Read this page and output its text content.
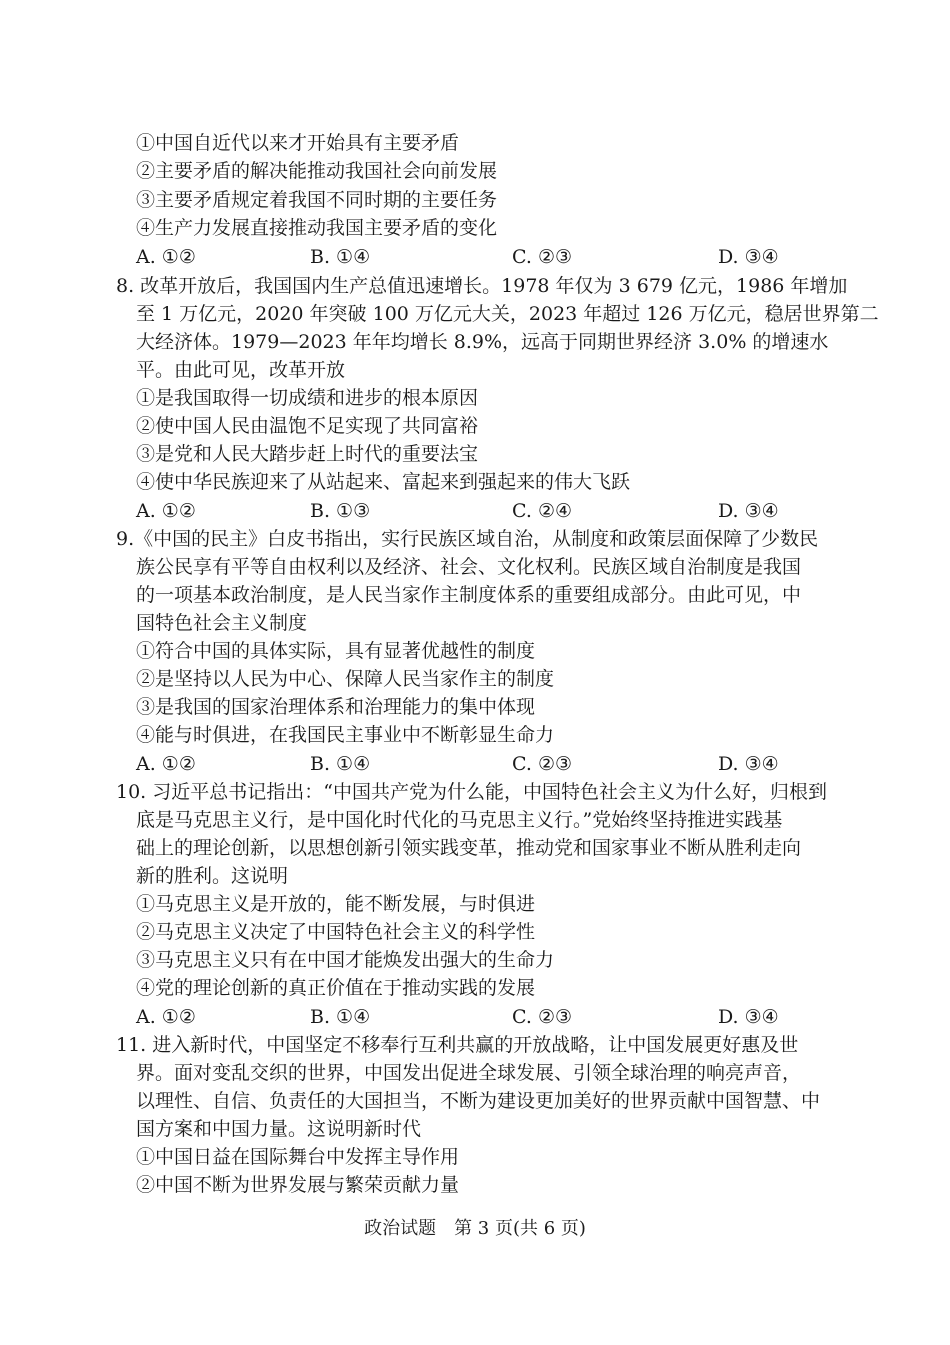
①中国自近代以来才开始具有主要矛盾
②主要矛盾的解决能推动我国社会向前发展
③主要矛盾规定着我国不同时期的主要任务
④生产力发展直接推动我国主要矛盾的变化
A. ①②	B. ①④	C. ②③	D. ③④
8. 改革开放后，我国国内生产总值迅速增长。1978 年仅为 3 679 亿元，1986 年增加
至 1 万亿元，2020 年突破 100 万亿元大关，2023 年超过 126 万亿元，稳居世界第二
大经济体。1979—2023 年年均增长 8.9%，远高于同期世界经济 3.0% 的增速水
平。由此可见，改革开放
①是我国取得一切成绩和进步的根本原因
②使中国人民由温饱不足实现了共同富裕
③是党和人民大踏步赶上时代的重要法宝
④使中华民族迎来了从站起来、富起来到强起来的伟大飞跃
A. ①②	B. ①③	C. ②④	D. ③④
9.《中国的民主》白皮书指出，实行民族区域自治，从制度和政策层面保障了少数民
族公民享有平等自由权利以及经济、社会、文化权利。民族区域自治制度是我国
的一项基本政治制度，是人民当家作主制度体系的重要组成部分。由此可见，中
国特色社会主义制度
①符合中国的具体实际，具有显著优越性的制度
②是坚持以人民为中心、保障人民当家作主的制度
③是我国的国家治理体系和治理能力的集中体现
④能与时俱进，在我国民主事业中不断彰显生命力
A. ①②	B. ①④	C. ②③	D. ③④
10. 习近平总书记指出：“中国共产党为什么能，中国特色社会主义为什么好，归根到
底是马克思主义行，是中国化时代化的马克思主义行。”党始终坚持推进实践基
础上的理论创新，以思想创新引领实践变革，推动党和国家事业不断从胜利走向
新的胜利。这说明
①马克思主义是开放的，能不断发展，与时俱进
②马克思主义决定了中国特色社会主义的科学性
③马克思主义只有在中国才能焕发出强大的生命力
④党的理论创新的真正价值在于推动实践的发展
A. ①②	B. ①④	C. ②③	D. ③④
11. 进入新时代，中国坚定不移奉行互利共赢的开放战略，让中国发展更好惠及世
界。面对变乱交织的世界，中国发出促进全球发展、引领全球治理的响亮声音，
以理性、自信、负责任的大国担当，不断为建设更加美好的世界贡献中国智慧、中
国方案和中国力量。这说明新时代
①中国日益在国际舞台中发挥主导作用
②中国不断为世界发展与繁荣贡献力量
政治试题　第 3 页(共 6 页)
